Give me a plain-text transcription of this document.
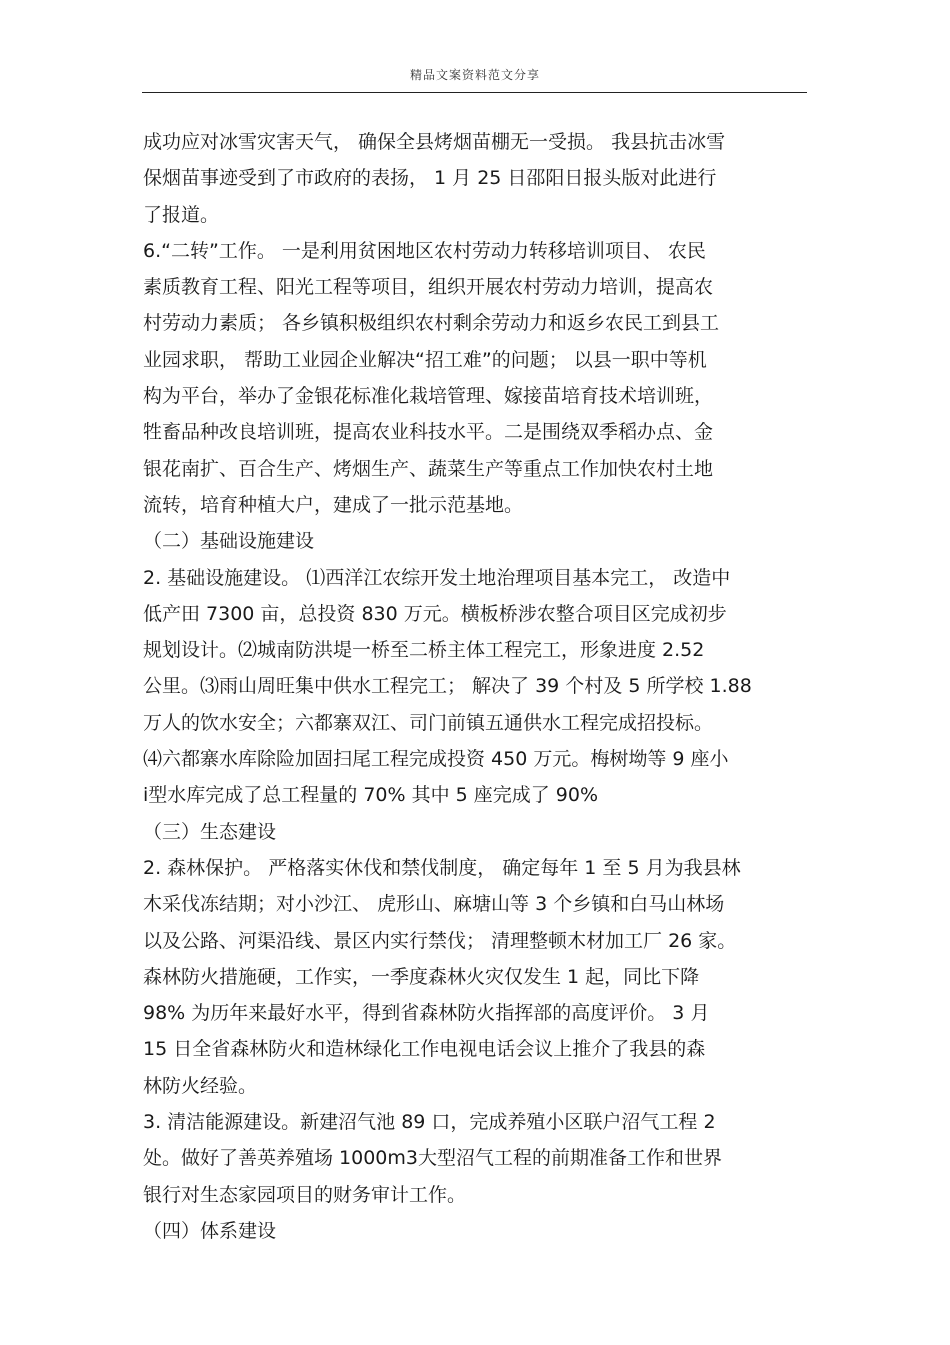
精品文案资料范文分享
成功应对冰雪灾害天气， 确保全县烤烟苗棚无一受损。 我县抗击冰雪
保烟苗事迹受到了市政府的表扬， 1 月 25 日邵阳日报头版对此进行
了报道。
6.“二转”工作。 一是利用贫困地区农村劳动力转移培训项目、 农民
素质教育工程、阳光工程等项目，组织开展农村劳动力培训，提高农
村劳动力素质； 各乡镇积极组织农村剩余劳动力和返乡农民工到县工
业园求职， 帮助工业园企业解决“招工难”的问题； 以县一职中等机
构为平台，举办了金银花标准化栽培管理、嫁接苗培育技术培训班，
牲畜品种改良培训班，提高农业科技水平。二是围绕双季稻办点、金
银花南扩、百合生产、烤烟生产、蔬菜生产等重点工作加快农村土地
流转，培育种植大户，建成了一批示范基地。
（二）基础设施建设
2. 基础设施建设。 ⑴西洋江农综开发土地治理项目基本完工， 改造中
低产田 7300 亩，总投资 830 万元。横板桥涉农整合项目区完成初步
规划设计。⑵城南防洪堤一桥至二桥主体工程完工，形象进度 2.52
公里。⑶雨山周旺集中供水工程完工； 解决了 39 个村及 5 所学校 1.88
万人的饮水安全；六都寨双江、司门前镇五通供水工程完成招投标。
⑷六都寨水库除险加固扫尾工程完成投资 450 万元。梅树坳等 9 座小
ⅰ型水库完成了总工程量的 70% 其中 5 座完成了 90%
（三）生态建设
2. 森林保护。 严格落实休伐和禁伐制度， 确定每年 1 至 5 月为我县林
木采伐冻结期；对小沙江、 虎形山、麻塘山等 3 个乡镇和白马山林场
以及公路、河渠沿线、景区内实行禁伐； 清理整顿木材加工厂 26 家。
森林防火措施硬，工作实，一季度森林火灾仅发生 1 起，同比下降
98% 为历年来最好水平，得到省森林防火指挥部的高度评价。 3 月
15 日全省森林防火和造林绿化工作电视电话会议上推介了我县的森
林防火经验。
3. 清洁能源建设。新建沼气池 89 口，完成养殖小区联户沼气工程 2
处。做好了善英养殖场 1000m3大型沼气工程的前期准备工作和世界
银行对生态家园项目的财务审计工作。
（四）体系建设
